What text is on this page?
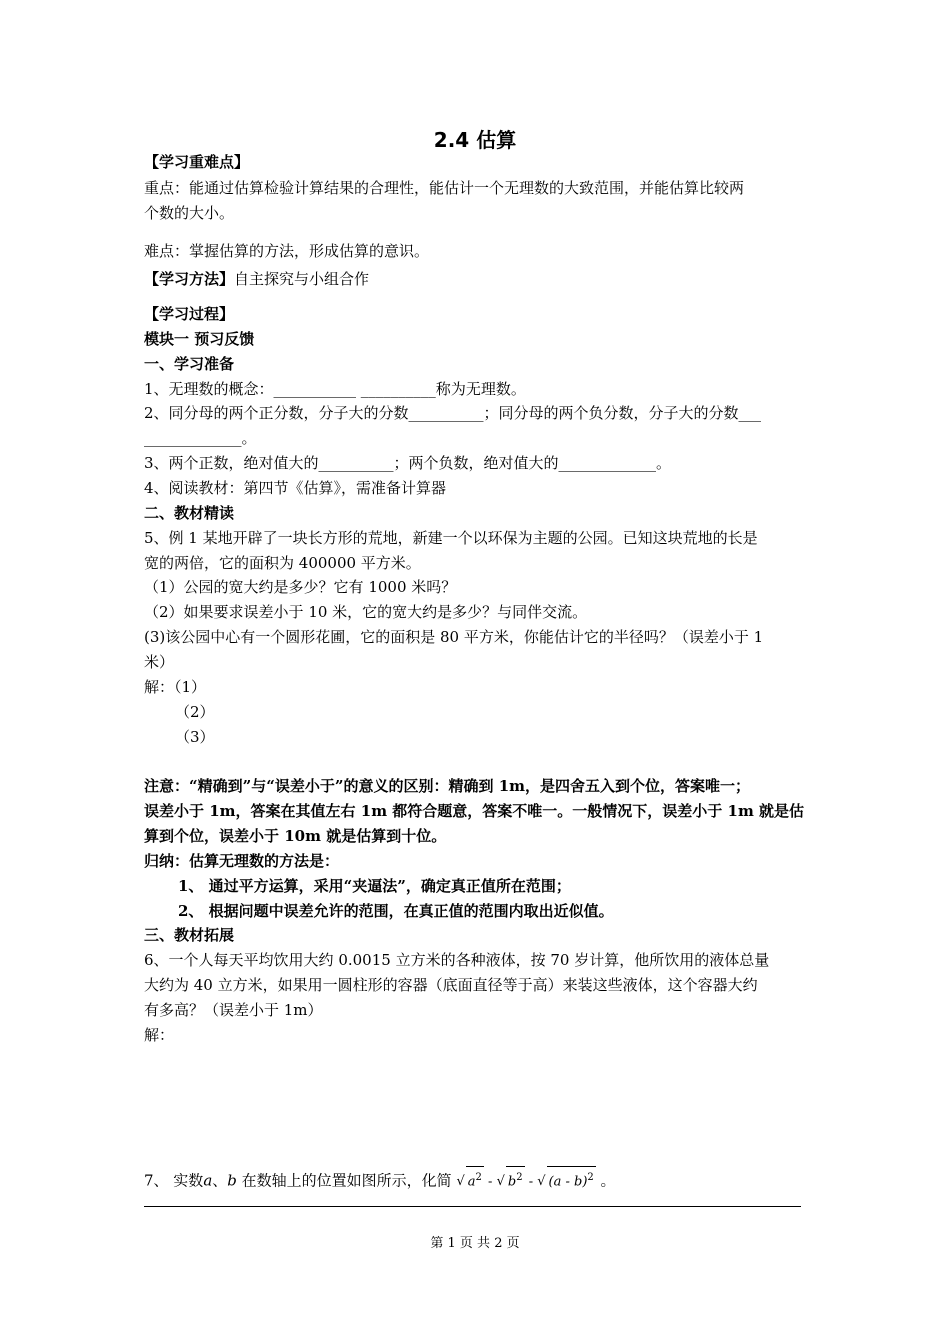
2.4 估算
【学习重难点】
重点：能通过估算检验计算结果的合理性，能估计一个无理数的大致范围，并能估算比较两
个数的大小。
难点：掌握估算的方法，形成估算的意识。
【学习方法】自主探究与小组合作
【学习过程】
模块一 预习反馈
一、学习准备
1、无理数的概念：___________ __________称为无理数。
2、同分母的两个正分数，分子大的分数__________；同分母的两个负分数，分子大的分数___
_____________。
3、两个正数，绝对值大的__________；两个负数，绝对值大的_____________。
4、阅读教材：第四节《估算》，需准备计算器
二、教材精读
5、例 1 某地开辟了一块长方形的荒地，新建一个以环保为主题的公园。已知这块荒地的长是
宽的两倍，它的面积为 400000 平方米。
（1）公园的宽大约是多少？它有 1000 米吗？
（2）如果要求误差小于 10 米，它的宽大约是多少？与同伴交流。
(3)该公园中心有一个圆形花圃，它的面积是 80 平方米，你能估计它的半径吗？（误差小于 1
米）
解：（1）
（2）
（3）
注意：“精确到”与“误差小于”的意义的区别：精确到 1m，是四舍五入到个位，答案唯一；
误差小于 1m，答案在其值左右 1m 都符合题意，答案不唯一。一般情况下，误差小于 1m 就是估
算到个位，误差小于 10m 就是估算到十位。
归纳：估算无理数的方法是：
1、 通过平方运算，采用“夹逼法”，确定真正值所在范围；
2、 根据问题中误差允许的范围，在真正值的范围内取出近似值。
三、教材拓展
6、一个人每天平均饮用大约 0.0015 立方米的各种液体，按 70 岁计算，他所饮用的液体总量
大约为 40 立方米，如果用一圆柱形的容器（底面直径等于高）来装这些液体，这个容器大约
有多高？（误差小于 1m）
解：
7、 实数a、b 在数轴上的位置如图所示，化简 √ $a^2$ - √ $b^2$ - √ (a - b)$^2$ 。
第 1 页 共 2 页
